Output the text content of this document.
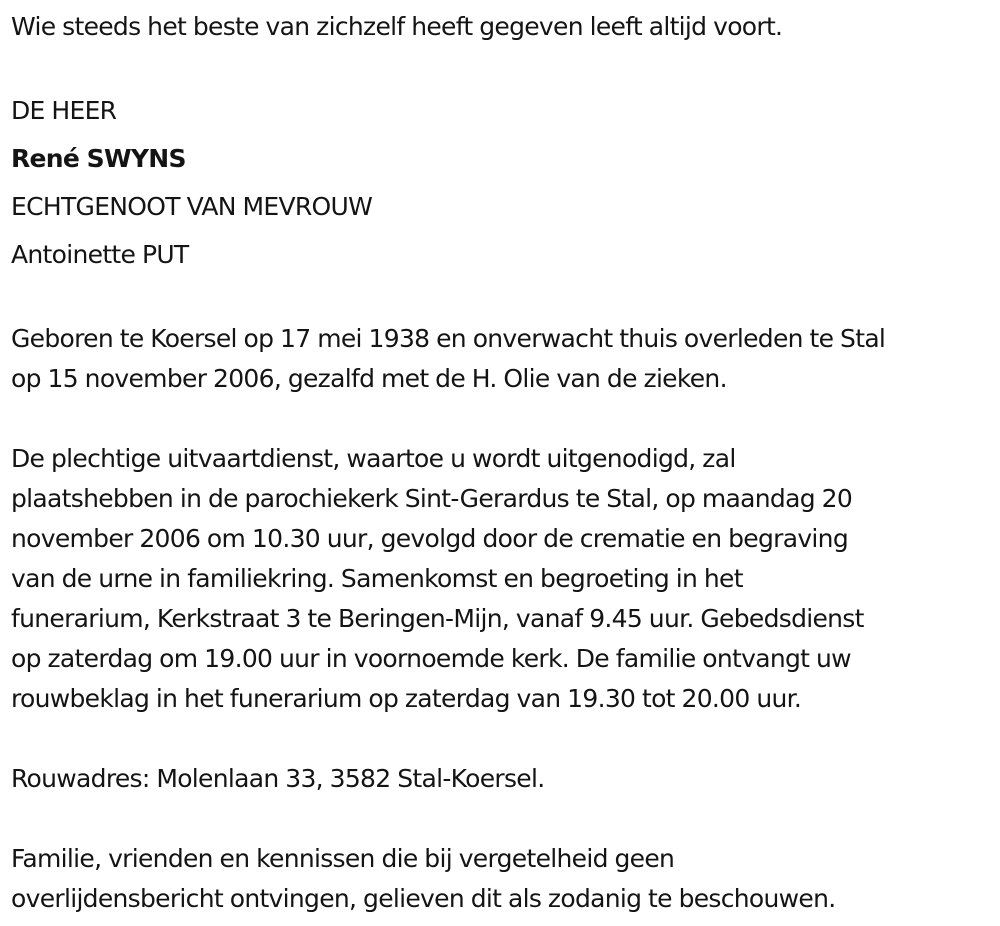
Wie steeds het beste van zichzelf heeft gegeven leeft altijd voort.

DE HEER

René SWYNS

ECHTGENOOT VAN MEVROUW

Antoinette PUT

Geboren te Koersel op 17 mei 1938 en onverwacht thuis overleden te Stal

op 15 november 2006, gezalfd met de H. Olie van de zieken.

De plechtige uitvaartdienst, waartoe u wordt uitgenodigd, zal

plaatshebben in de parochiekerk Sint-Gerardus te Stal, op maandag 20

november 2006 om 10.30 uur, gevolgd door de crematie en begraving

van de urne in familiekring. Samenkomst en begroeting in het

funerarium, Kerkstraat 3 te Beringen-Mijn, vanaf 9.45 uur. Gebedsdienst

op zaterdag om 19.00 uur in voornoemde kerk. De familie ontvangt uw

rouwbeklag in het funerarium op zaterdag van 19.30 tot 20.00 uur.

Rouwadres: Molenlaan 33, 3582 Stal-Koersel.

Familie, vrienden en kennissen die bij vergetelheid geen

overlijdensbericht ontvingen, gelieven dit als zodanig te beschouwen.
